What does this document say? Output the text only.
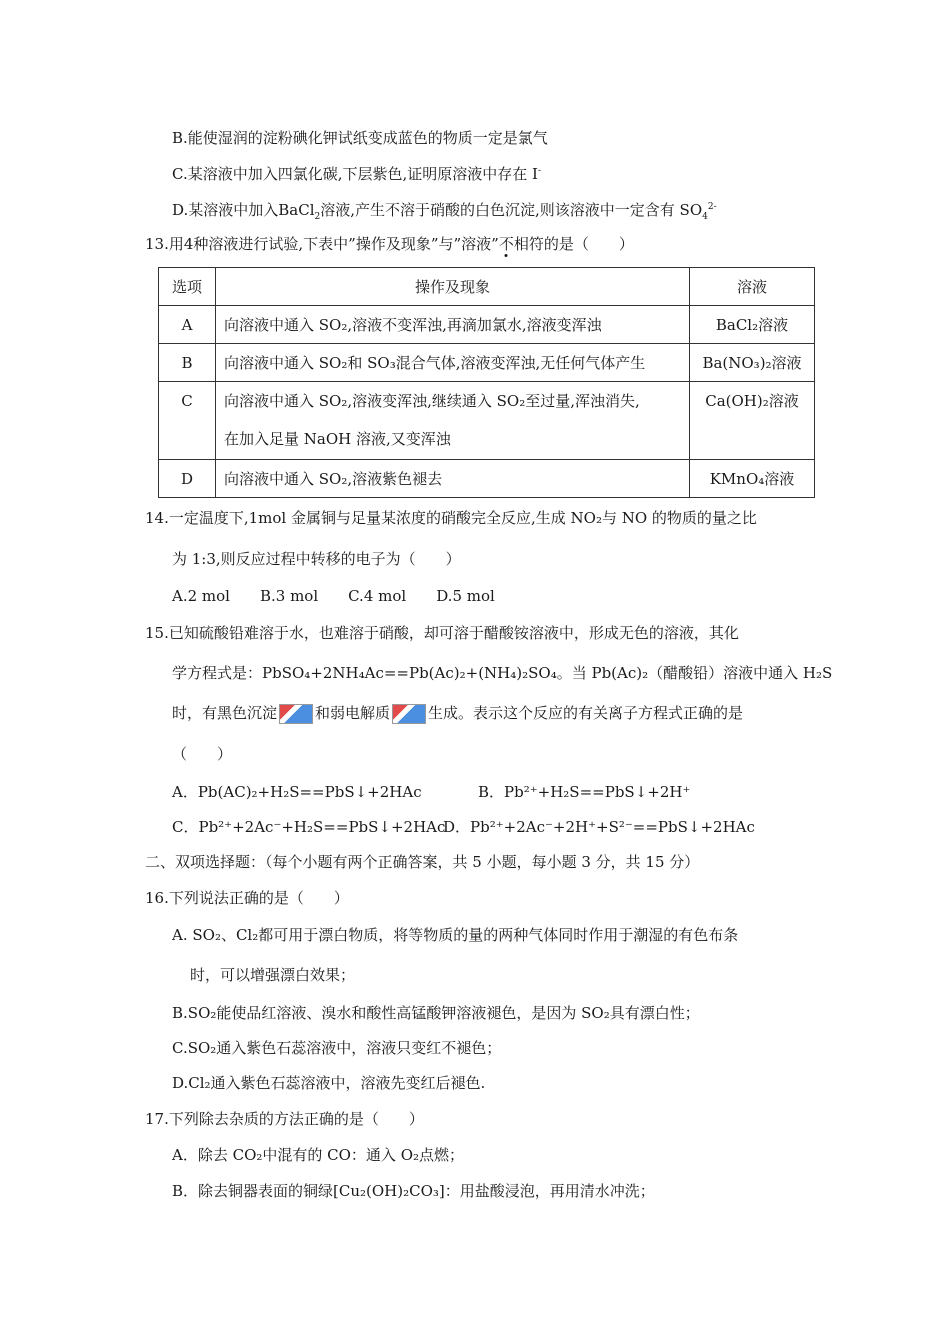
B.能使湿润的淀粉碘化钾试纸变成蓝色的物质一定是氯气
C.某溶液中加入四氯化碳,下层紫色,证明原溶液中存在 I-
D.某溶液中加入BaCl$_2$溶液,产生不溶于硝酸的白色沉淀,则该溶液中一定含有 $SO_4^{2-}$
13.用4种溶液进行试验,下表中”操作及现象”与”溶液”不相符的是（　　）
选项	操作及现象	溶液

A	向溶液中通入 SO₂,溶液不变浑浊,再滴加氯水,溶液变浑浊	BaCl₂溶液

B	向溶液中通入 SO₂和 SO₃混合气体,溶液变浑浊,无任何气体产生	Ba(NO₃)₂溶液

C	向溶液中通入 SO₂,溶液变浑浊,继续通入 SO₂至过量,浑浊消失,
在加入足量 NaOH 溶液,又变浑浊	Ca(OH)₂溶液

D	向溶液中通入 SO₂,溶液紫色褪去	KMnO₄溶液
14.一定温度下,1mol 金属铜与足量某浓度的硝酸完全反应,生成 NO₂与 NO 的物质的量之比
为 1:3,则反应过程中转移的电子为（　　）
A.2 mol　　B.3 mol　　C.4 mol　　D.5 mol
15.已知硫酸铅难溶于水，也难溶于硝酸，却可溶于醋酸铵溶液中，形成无色的溶液，其化
学方程式是：PbSO₄+2NH₄Ac==Pb(Ac)₂+(NH₄)₂SO₄。当 Pb(Ac)₂（醋酸铅）溶液中通入 H₂S
时，有黑色沉淀	和弱电解质	生成。表示这个反应的有关离子方程式正确的是
（　　）
A．Pb(AC)₂+H₂S==PbS↓+2HAc	B．Pb²⁺+H₂S==PbS↓+2H⁺
C．Pb²⁺+2Ac⁻+H₂S==PbS↓+2HAc
D．Pb²⁺+2Ac⁻+2H⁺+S²⁻==PbS↓+2HAc
二、双项选择题：（每个小题有两个正确答案，共 5 小题，每小题 3 分，共 15 分）
16.下列说法正确的是（　　）
A. SO₂、Cl₂都可用于漂白物质，将等物质的量的两种气体同时作用于潮湿的有色布条
时，可以增强漂白效果；
B.SO₂能使品红溶液、溴水和酸性高锰酸钾溶液褪色，是因为 SO₂具有漂白性；
C.SO₂通入紫色石蕊溶液中，溶液只变红不褪色；
D.Cl₂通入紫色石蕊溶液中，溶液先变红后褪色.
17.下列除去杂质的方法正确的是（　　）
A．除去 CO₂中混有的 CO：通入 O₂点燃；
B．除去铜器表面的铜绿[Cu₂(OH)₂CO₃]：用盐酸浸泡，再用清水冲洗；
